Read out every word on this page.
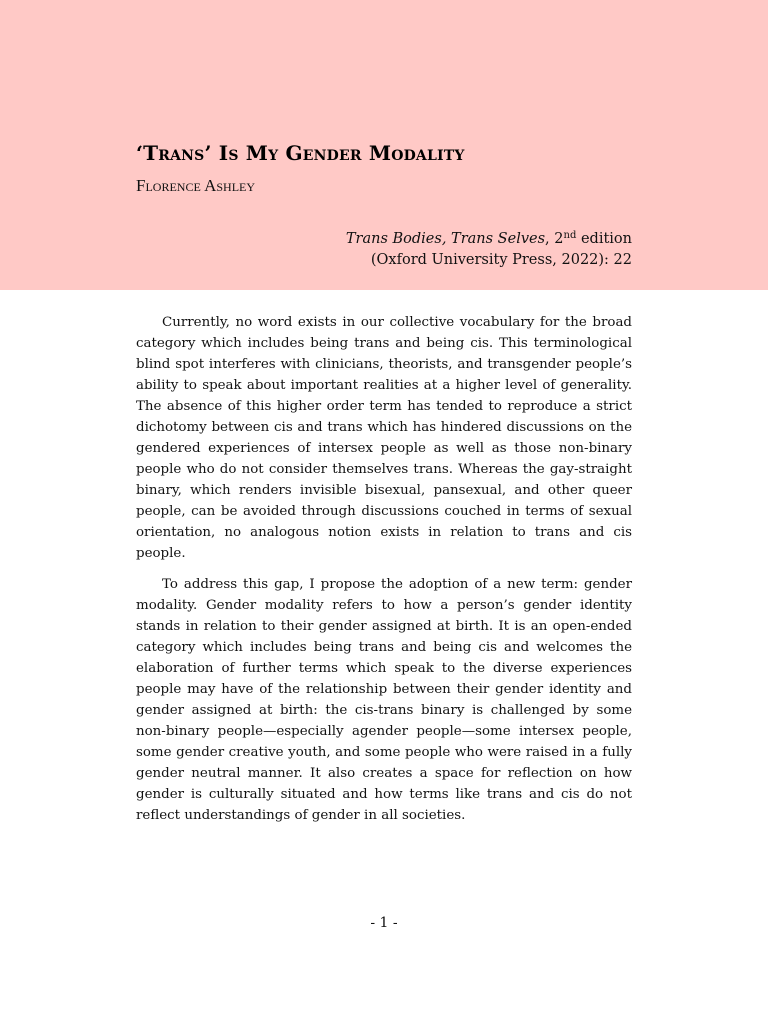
‘Trans’ Is My Gender Modality

Florence Ashley

Trans Bodies, Trans Selves, 2nd edition
(Oxford University Press, 2022): 22

Currently, no word exists in our collective vocabulary for the broad category which includes being trans and being cis. This terminological blind spot interferes with clinicians, theorists, and transgender people’s ability to speak about important realities at a higher level of generality. The absence of this higher order term has tended to reproduce a strict dichotomy between cis and trans which has hindered discussions on the gendered experiences of intersex people as well as those non-binary people who do not consider themselves trans. Whereas the gay-straight binary, which renders invisible bisexual, pansexual, and other queer people, can be avoided through discussions couched in terms of sexual orientation, no analogous notion exists in relation to trans and cis people.

To address this gap, I propose the adoption of a new term: gender modality. Gender modality refers to how a person’s gender identity stands in relation to their gender assigned at birth. It is an open-ended category which includes being trans and being cis and welcomes the elaboration of further terms which speak to the diverse experiences people may have of the relationship between their gender identity and gender assigned at birth: the cis-trans binary is challenged by some non-binary people—especially agender people—some intersex people, some gender creative youth, and some people who were raised in a fully gender neutral manner. It also creates a space for reflection on how gender is culturally situated and how terms like trans and cis do not reflect understandings of gender in all societies.

- 1 -
